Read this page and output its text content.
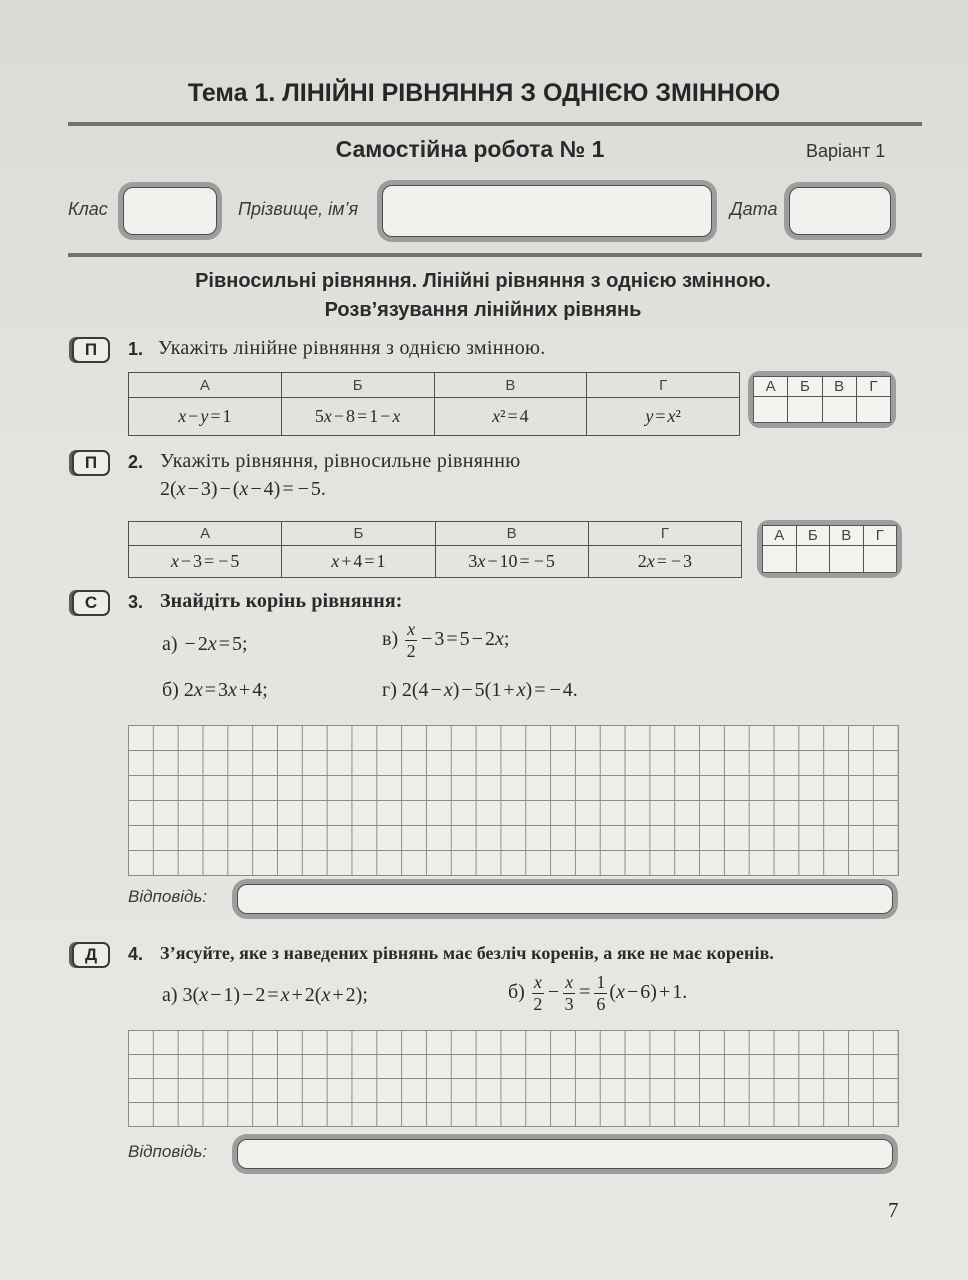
Тема 1. ЛІНІЙНІ РІВНЯННЯ З ОДНІЄЮ ЗМІННОЮ
Самостійна робота № 1	Варіант 1
Клас	Прізвище, ім’я	Дата
Рівносильні рівняння. Лінійні рівняння з однією змінною.
Розв’язування лінійних рівнянь
П	1. Укажіть лінійне рівняння з однією змінною.
А	Б	В	Г
x − y = 1	5x − 8 = 1 − x	x² = 4	y = x²
А	Б	В	Г

П	2. Укажіть рівняння, рівносильне рівнянню
2(x − 3) − (x − 4) = − 5.
А	Б	В	Г
x − 3 = − 5	x + 4 = 1	3x − 10 = − 5	2x = − 3
А	Б	В	Г

С	3. Знайдіть корінь рівняння:
а) − 2x = 5;	$в) \frac{x}{2} - 3 = 5 - 2x$;
б) 2x = 3x + 4;	г) 2(4 − x) − 5(1 + x) = − 4.
Відповідь:
Д	4. З’ясуйте, яке з наведених рівнянь має безліч коренів, а яке не має коренів.
а) 3(x − 1) − 2 = x + 2(x + 2);	$б) \frac{x}{2} - \frac{x}{3} = \frac{1}{6} (x - 6) + 1$.
Відповідь:
7
